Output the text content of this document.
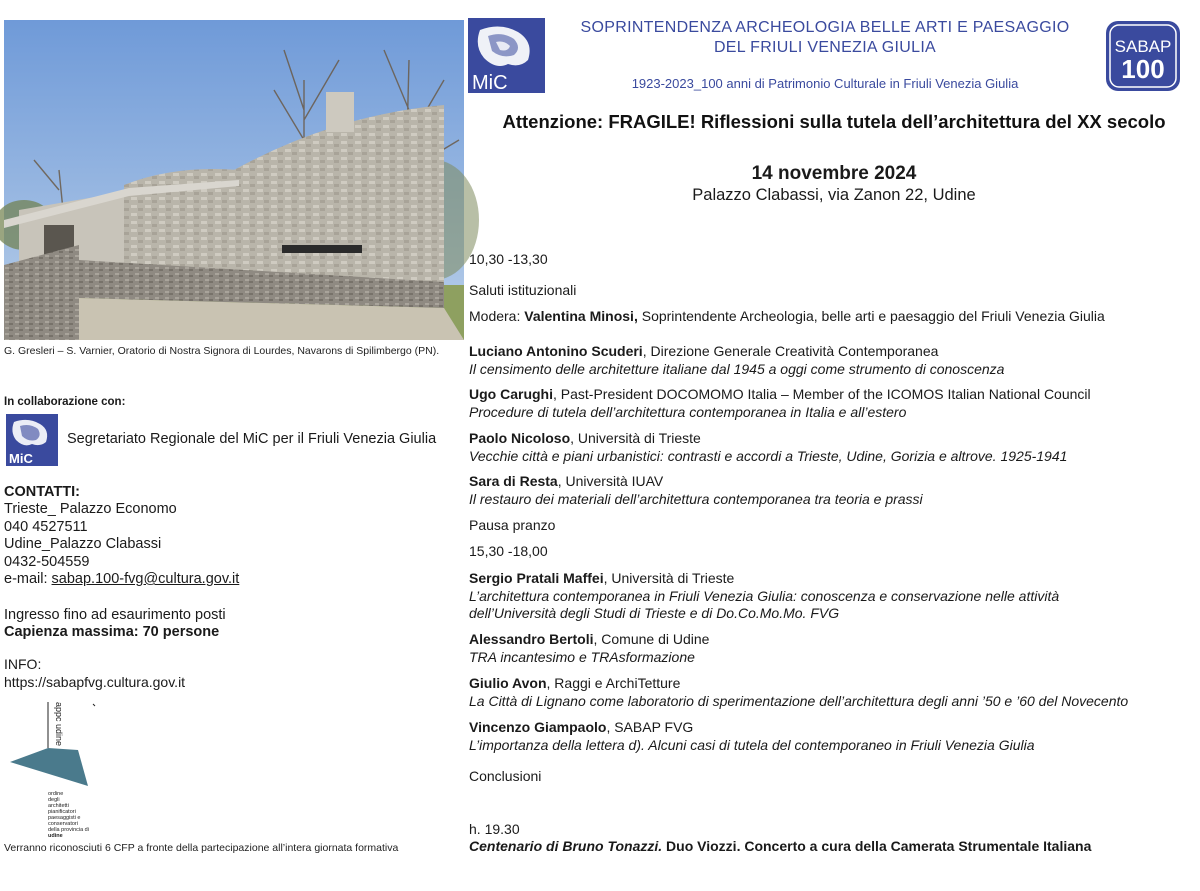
G. Gresleri – S. Varnier, Oratorio di Nostra Signora di Lourdes, Navarons di Spilimbergo (PN).
In collaborazione con:
MiC
Segretariato Regionale del MiC per il Friuli Venezia Giulia
CONTATTI:
Trieste_ Palazzo Economo
040 4527511
Udine_Palazzo Clabassi
0432-504559
e-mail: sabap.100-fvg@cultura.gov.it
Ingresso fino ad esaurimento posti
Capienza massima: 70 persone
INFO:
https://sabapfvg.cultura.gov.it
appc udine
ordine
degli
architetti
pianificatori
paesaggisti e
conservatori
della provincia di
udine
Verranno riconosciuti 6 CFP a fronte della partecipazione all’intera giornata formativa
MiC
SOPRINTENDENZA ARCHEOLOGIA BELLE ARTI E PAESAGGIO
DEL FRIULI VENEZIA GIULIA
1923-2023_100 anni di Patrimonio Culturale in Friuli Venezia Giulia
SABAP
100
Attenzione: FRAGILE! Riflessioni sulla tutela dell’architettura del XX secolo
14 novembre 2024
Palazzo Clabassi, via Zanon 22, Udine
10,30 -13,30
Saluti istituzionali
Modera: Valentina Minosi, Soprintendente Archeologia, belle arti e paesaggio del Friuli Venezia Giulia
Luciano Antonino Scuderi, Direzione Generale Creatività Contemporanea
Il censimento delle architetture italiane dal 1945 a oggi come strumento di conoscenza
Ugo Carughi, Past-President DOCOMOMO Italia – Member of the ICOMOS Italian National Council
Procedure di tutela dell’architettura contemporanea in Italia e all’estero
Paolo Nicoloso, Università di Trieste
Vecchie città e piani urbanistici: contrasti e accordi a Trieste, Udine, Gorizia e altrove. 1925-1941
Sara di Resta, Università IUAV
Il restauro dei materiali dell’architettura contemporanea tra teoria e prassi
Pausa pranzo
15,30 -18,00
Sergio Pratali Maffei, Università di Trieste
L’architettura contemporanea in Friuli Venezia Giulia: conoscenza e conservazione nelle attività
dell’Università degli Studi di Trieste e di Do.Co.Mo.Mo. FVG
Alessandro Bertoli, Comune di Udine
TRA incantesimo e TRAsformazione
Giulio Avon, Raggi e ArchiTetture
La Città di Lignano come laboratorio di sperimentazione dell’architettura degli anni ’50 e ’60 del Novecento
Vincenzo Giampaolo, SABAP FVG
L’importanza della lettera d). Alcuni casi di tutela del contemporaneo in Friuli Venezia Giulia
Conclusioni
h. 19.30
Centenario di Bruno Tonazzi. Duo Viozzi. Concerto a cura della Camerata Strumentale Italiana
